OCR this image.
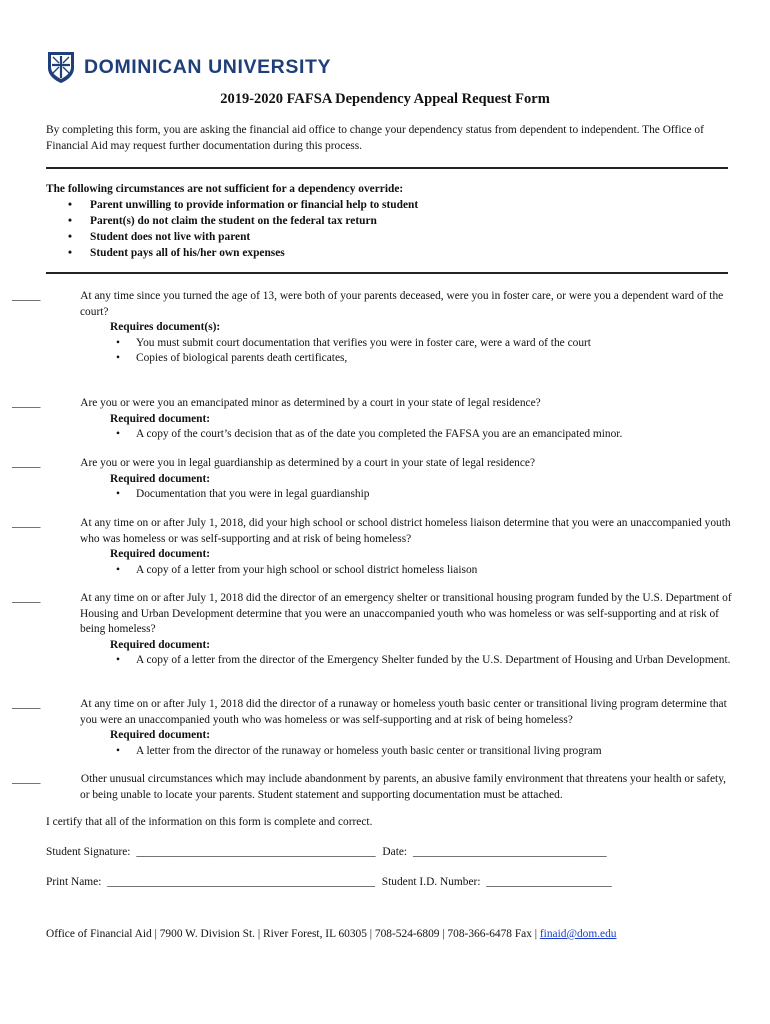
DOMINICAN UNIVERSITY
2019-2020 FAFSA Dependency Appeal Request Form
By completing this form, you are asking the financial aid office to change your dependency status from dependent to independent. The Office of Financial Aid may request further documentation during this process.
The following circumstances are not sufficient for a dependency override:
• Parent unwilling to provide information or financial help to student
• Parent(s) do not claim the student on the federal tax return
• Student does not live with parent
• Student pays all of his/her own expenses
_____	At any time since you turned the age of 13, were both of your parents deceased, were you in foster care, or were you a dependent ward of the court?
Requires document(s):
• You must submit court documentation that verifies you were in foster care, were a ward of the court
• Copies of biological parents death certificates,
_____	Are you or were you an emancipated minor as determined by a court in your state of legal residence?
Required document:
• A copy of the court’s decision that as of the date you completed the FAFSA you are an emancipated minor.
_____	Are you or were you in legal guardianship as determined by a court in your state of legal residence?
Required document:
• Documentation that you were in legal guardianship
_____	At any time on or after July 1, 2018, did your high school or school district homeless liaison determine that you were an unaccompanied youth who was homeless or was self-supporting and at risk of being homeless?
Required document:
• A copy of a letter from your high school or school district homeless liaison
_____	At any time on or after July 1, 2018 did the director of an emergency shelter or transitional housing program funded by the U.S. Department of Housing and Urban Development determine that you were an unaccompanied youth who was homeless or was self-supporting and at risk of being homeless?
Required document:
• A copy of a letter from the director of the Emergency Shelter funded by the U.S. Department of Housing and Urban Development.
_____	At any time on or after July 1, 2018 did the director of a runaway or homeless youth basic center or transitional living program determine that you were an unaccompanied youth who was homeless or was self-supporting and at risk of being homeless?
Required document:
• A letter from the director of the runaway or homeless youth basic center or transitional living program
_____	Other unusual circumstances which may include abandonment by parents, an abusive family environment that threatens your health or safety, or being unable to locate your parents. Student statement and supporting documentation must be attached.
I certify that all of the information on this form is complete and correct.
Student Signature: __________________________________________ Date: __________________________________
Print Name: _______________________________________________ Student I.D. Number: ______________________
Office of Financial Aid | 7900 W. Division St. | River Forest, IL 60305 | 708-524-6809 | 708-366-6478 Fax | finaid@dom.edu
